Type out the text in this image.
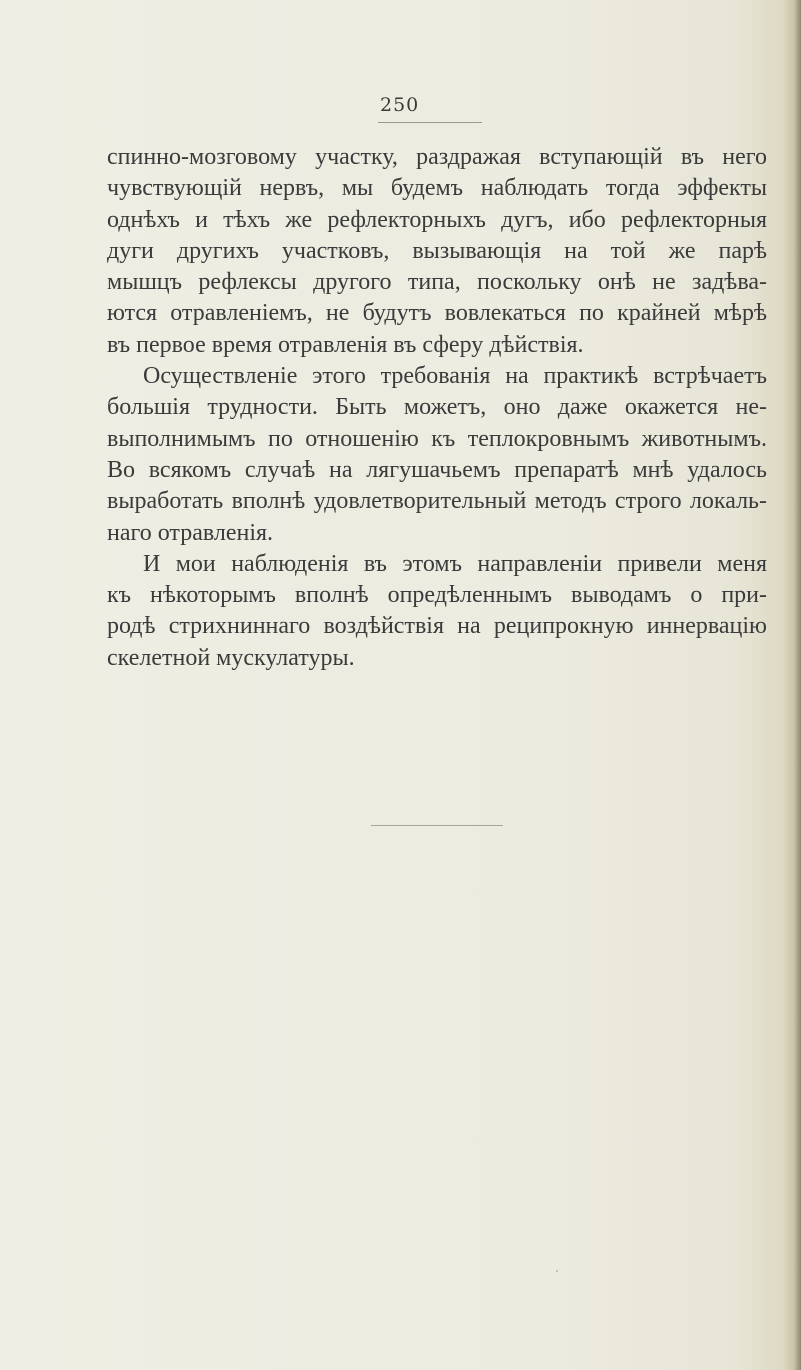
250
спинно-мозговому участку, раздражая вступающій въ него
чувствующій нервъ, мы будемъ наблюдать тогда эффекты
однѣхъ и тѣхъ же рефлекторныхъ дугъ, ибо рефлекторныя
дуги другихъ участковъ, вызывающія на той же парѣ
мышцъ рефлексы другого типа, поскольку онѣ не задѣва-
ются отравленіемъ, не будутъ вовлекаться по крайней мѣрѣ
въ первое время отравленія въ сферу дѣйствія.
Осуществленіе этого требованія на практикѣ встрѣчаетъ
большія трудности. Быть можетъ, оно даже окажется не-
выполнимымъ по отношенію къ теплокровнымъ животнымъ.
Во всякомъ случаѣ на лягушачьемъ препаратѣ мнѣ удалось
выработать вполнѣ удовлетворительный методъ строго локаль-
наго отравленія.
И мои наблюденія въ этомъ направленіи привели меня
къ нѣкоторымъ вполнѣ опредѣленнымъ выводамъ о при-
родѣ стрихниннаго воздѣйствія на реципрокную иннервацію
скелетной мускулатуры.
